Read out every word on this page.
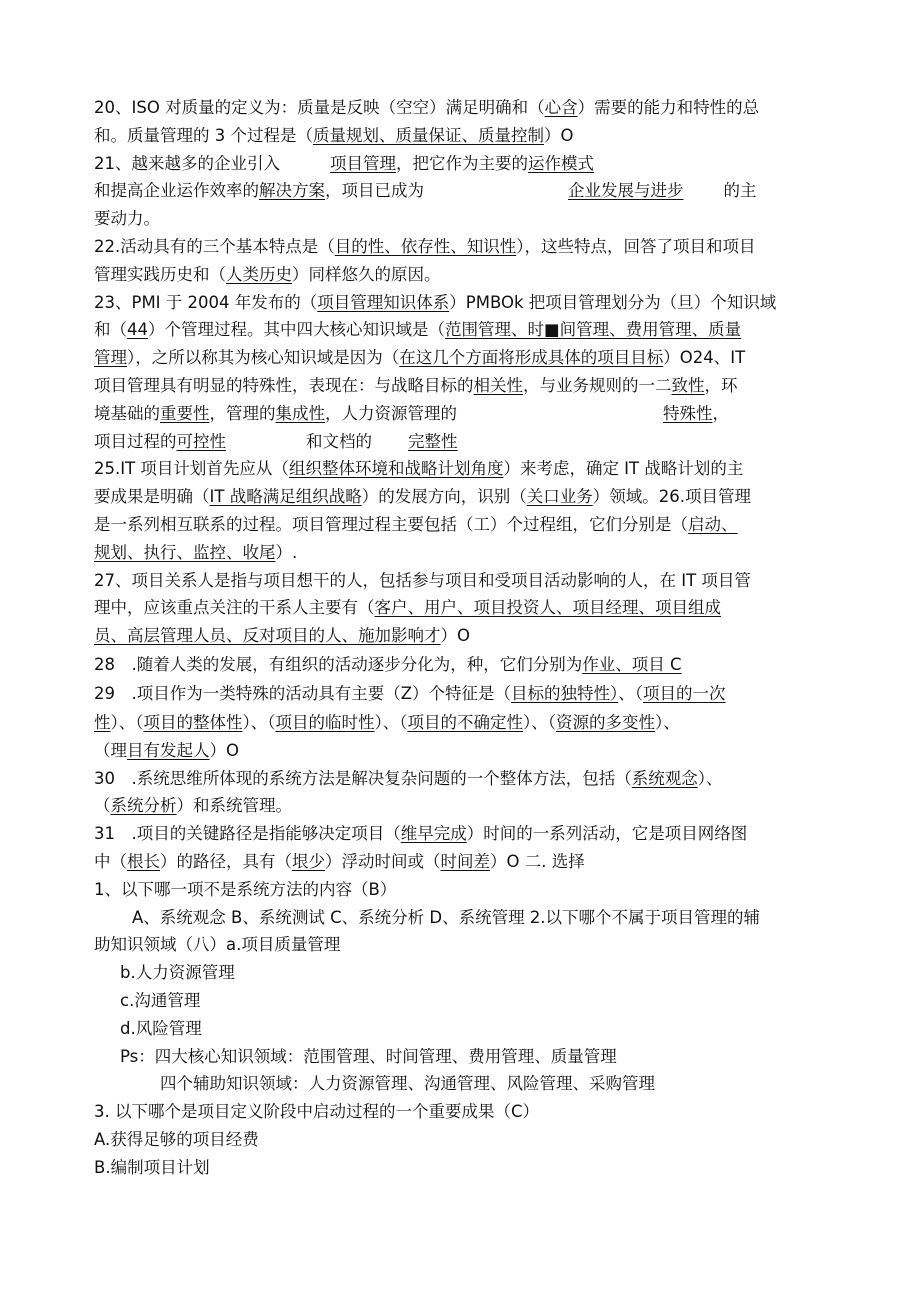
20、ISO 对质量的定义为：质量是反映（空空）满足明确和（心含）需要的能力和特性的总
和。质量管理的 3 个过程是（质量规划、质量保证、质量控制）O
21、越来越多的企业引入	项目管理，把它作为主要的运作模式
和提高企业运作效率的解决方案，项目已成为	企业发展与进步 的主
要动力。
22.活动具有的三个基本特点是（目的性、依存性、知识性），这些特点，回答了项目和项目
管理实践历史和（人类历史）同样悠久的原因。
23、PMI 于 2004 年发布的（项目管理知识体系）PMBOk 把项目管理划分为（旦）个知识域
和（44）个管理过程。其中四大核心知识域是（范围管理、时■间管理、费用管理、质量
管理），之所以称其为核心知识域是因为（在这几个方面将形成具体的项目目标）O24、IT
项目管理具有明显的特殊性，表现在：与战略目标的相关性，与业务规则的一二致性，环
境基础的重要性，管理的集成性，人力资源管理的	特殊性，
项目过程的可控性	和文档的 完整性
25.IT 项目计划首先应从（组织整体环境和战略计划角度）来考虑，确定 IT 战略计划的主
要成果是明确（IT 战略满足组织战略）的发展方向，识别（关口业务）领域。26.项目管理
是一系列相互联系的过程。项目管理过程主要包括（工）个过程组，它们分别是（启动、
规划、执行、监控、收尾）.
27、项目关系人是指与项目想干的人，包括参与项目和受项目活动影响的人，在 IT 项目管
理中，应该重点关注的干系人主要有（客户、用户、项目投资人、项目经理、项目组成
员、高层管理人员、反对项目的人、施加影响才）O
28　.随着人类的发展，有组织的活动逐步分化为，种，它们分别为作业、项目 C
29　.项目作为一类特殊的活动具有主要（Z）个特征是（目标的独特性）、（项目的一次
性）、（项目的整体性）、（项目的临时性）、（项目的不确定性）、（资源的多变性）、
（理目有发起人）O
30　.系统思维所体现的系统方法是解决复杂问题的一个整体方法，包括（系统观念）、
（系统分析）和系统管理。
31　.项目的关键路径是指能够决定项目（维早完成）时间的一系列活动，它是项目网络图
中（根长）的路径，具有（垠少）浮动时间或（时间差）O 二. 选择
1、以下哪一项不是系统方法的内容（B）
A、系统观念 B、系统测试 C、系统分析 D、系统管理 2.以下哪个不属于项目管理的辅
助知识领域（八）a.项目质量管理
b.人力资源管理
c.沟通管理
d.风险管理
Ps：四大核心知识领域：范围管理、时间管理、费用管理、质量管理
四个辅助知识领域：人力资源管理、沟通管理、风险管理、采购管理
3. 以下哪个是项目定义阶段中启动过程的一个重要成果（C）
A.获得足够的项目经费
B.编制项目计划
